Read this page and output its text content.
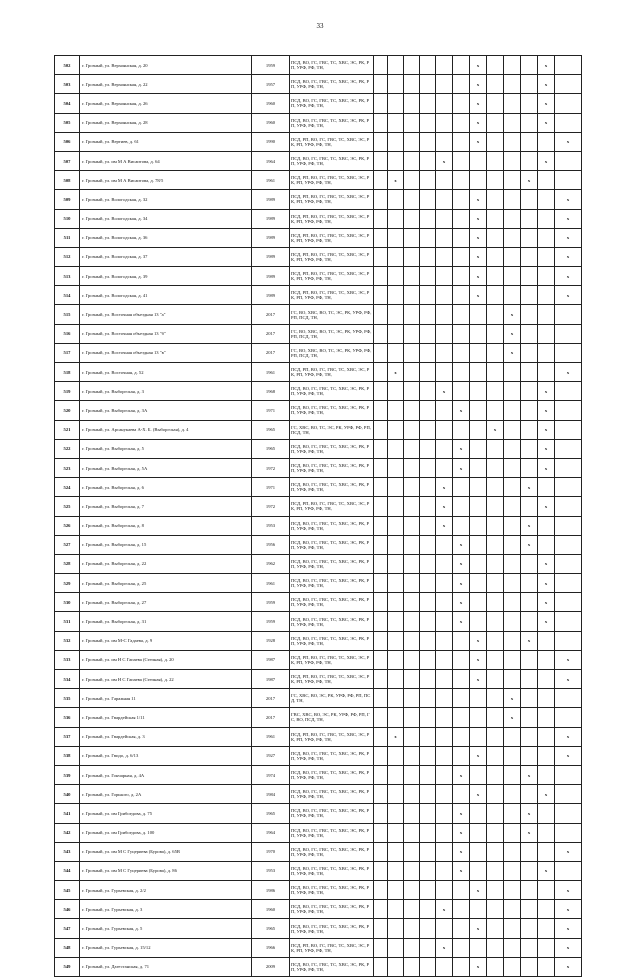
33
502	г. Грозный, ул. Верхоянская, д. 20	1959	ПСД, ВО, ГС, ГВС, ТС, ХВС, ЭС, РК, РП, УРФ, РФ, ТН,							x				x	
503	г. Грозный, ул. Верхоянская, д. 22	1957	ПСД, ВО, ГС, ГВС, ТС, ХВС, ЭС, РК, РП, УРФ, РФ, ТН,							x				x	
504	г. Грозный, ул. Верхоянская, д. 26	1960	ПСД, ВО, ГС, ГВС, ТС, ХВС, ЭС, РК, РП, УРФ, РФ, ТН,							x				x	
505	г. Грозный, ул. Верхоянская, д. 28	1960	ПСД, ВО, ГС, ГВС, ТС, ХВС, ЭС, РК, РП, УРФ, РФ, ТН,							x				x	
506	г. Грозный, ул. Вертиев, д. 61	1990	ПСД, РП, ВО, ГС, ГВС, ТС, ХВС, ЭС, РК, РП, УРФ, РФ, ТН,							x					x
507	г. Грозный, ул. им М А Висаитова, д. 64	1964	ПСД, ВО, ГС, ГВС, ТС, ХВС, ЭС, РК, РП, УРФ, РФ, ТН,					x						x	
508	г. Грозный, ул. им М А Висаитова, д. 78/5	1961	ПСД, РП, ВО, ГС, ГВС, ТС, ХВС, ЭС, РК, РП, УРФ, РФ, ТН,		x								x		
509	г. Грозный, ул. Вологодская, д. 32	1989	ПСД, РП, ВО, ГС, ГВС, ТС, ХВС, ЭС, РК, РП, УРФ, РФ, ТН,							x					x
510	г. Грозный, ул. Вологодская, д. 34	1989	ПСД, РП, ВО, ГС, ГВС, ТС, ХВС, ЭС, РК, РП, УРФ, РФ, ТН,							x					x
511	г. Грозный, ул. Вологодская, д. 36	1989	ПСД, РП, ВО, ГС, ГВС, ТС, ХВС, ЭС, РК, РП, УРФ, РФ, ТН,							x					x
512	г. Грозный, ул. Вологодская, д. 37	1989	ПСД, РП, ВО, ГС, ГВС, ТС, ХВС, ЭС, РК, РП, УРФ, РФ, ТН,							x					x
513	г. Грозный, ул. Вологодская, д. 39	1989	ПСД, РП, ВО, ГС, ГВС, ТС, ХВС, ЭС, РК, РП, УРФ, РФ, ТН,							x					x
514	г. Грозный, ул. Вологодская, д. 41	1989	ПСД, РП, ВО, ГС, ГВС, ТС, ХВС, ЭС, РК, РП, УРФ, РФ, ТН,							x					x
515	г. Грозный, ул. Восточная объездная 13 "а"	2017	ГС, ВО, ХВС, ВО, ТС, ЭС, РК, УРФ, РФ, РП, ПСД, ТН,									x			
516	г. Грозный, ул. Восточная объездная 13 "б"	2017	ГС, ВО, ХВС, ВО, ТС, ЭС, РК, УРФ, РФ, РП, ПСД, ТН,									x			
517	г. Грозный, ул. Восточная объездная 13 "в"	2017	ГС, ВО, ХВС, ВО, ТС, ЭС, РК, УРФ, РФ, РП, ПСД, ТН,									x			
518	г. Грозный, ул. Восточная, д. 52	1961	ПСД, РП, ВО, ГС, ГВС, ТС, ХВС, ЭС, РК, РП, УРФ, РФ, ТН,		x										x
519	г. Грозный, ул. Выборгская, д. 3	1968	ПСД, ВО, ГС, ГВС, ТС, ХВС, ЭС, РК, РП, УРФ, РФ, ТН,					x						x	
520	г. Грозный, ул. Выборгская, д. 3А	1971	ПСД, ВО, ГС, ГВС, ТС, ХВС, ЭС, РК, РП, УРФ, РФ, ТН,						x					x	
521	г. Грозный, ул. Арсанукаева А-Х. Б. (Выборгская), д. 4	1965	ГС, ХВС, ВО, ТС, ЭС, РК, УРФ, РФ, РП, ПСД, ТН,								x			x	
522	г. Грозный, ул. Выборгская, д. 5	1965	ПСД, ВО, ГС, ГВС, ТС, ХВС, ЭС, РК, РП, УРФ, РФ, ТН,						x					x	
523	г. Грозный, ул. Выборгская, д. 5А	1972	ПСД, ВО, ГС, ГВС, ТС, ХВС, ЭС, РК, РП, УРФ, РФ, ТН,						x					x	
524	г. Грозный, ул. Выборгская, д. 6	1971	ПСД, ВО, ГС, ГВС, ТС, ХВС, ЭС, РК, РП, УРФ, РФ, ТН,					x					x		
525	г. Грозный, ул. Выборгская, д. 7	1972	ПСД, РП, ВО, ГС, ГВС, ТС, ХВС, ЭС, РК, РП, УРФ, РФ, ТН,					x						x	
526	г. Грозный, ул. Выборгская, д. 8	1953	ПСД, ВО, ГС, ГВС, ТС, ХВС, ЭС, РК, РП, УРФ, РФ, ТН,					x					x		
527	г. Грозный, ул. Выборгская, д. 15	1956	ПСД, ВО, ГС, ГВС, ТС, ХВС, ЭС, РК, РП, УРФ, РФ, ТН,						x				x		
528	г. Грозный, ул. Выборгская, д. 22	1962	ПСД, ВО, ГС, ГВС, ТС, ХВС, ЭС, РК, РП, УРФ, РФ, ТН,						x					x	
529	г. Грозный, ул. Выборгская, д. 25	1961	ПСД, ВО, ГС, ГВС, ТС, ХВС, ЭС, РК, РП, УРФ, РФ, ТН,						x					x	
530	г. Грозный, ул. Выборгская, д. 27	1959	ПСД, ВО, ГС, ГВС, ТС, ХВС, ЭС, РК, РП, УРФ, РФ, ТН,						x					x	
531	г. Грозный, ул. Выборгская, д. 31	1959	ПСД, ВО, ГС, ГВС, ТС, ХВС, ЭС, РК, РП, УРФ, РФ, ТН,						x					x	
532	г. Грозный, ул. им М-С Гадаева, д. 9	1928	ПСД, ВО, ГС, ГВС, ТС, ХВС, ЭС, РК, РП, УРФ, РФ, ТН,							x			x		
533	г. Грозный, ул. им Н С Гапаева (Степная), д. 20	1987	ПСД, РП, ВО, ГС, ГВС, ТС, ХВС, ЭС, РК, РП, УРФ, РФ, ТН,							x					x
534	г. Грозный, ул. им Н С Гапаева (Степная), д. 22	1987	ПСД, РП, ВО, ГС, ГВС, ТС, ХВС, ЭС, РК, РП, УРФ, РФ, ТН,							x					x
535	г. Грозный, ул. Гаражная 11	2017	ГС, ХВС, ВО, ЭС, РК, УРФ, РФ, РП, ПСД, ТН,									x			
536	г. Грозный, ул. Гвардейская 1/11	2017	ГВС, ХВС, ВО, ЭС, РК, УРФ, РФ, РП, ГС, ВО, ПСД, ТН,									x			
537	г. Грозный, ул. Гвардейская, д. 3	1961	ПСД, РП, ВО, ГС, ГВС, ТС, ХВС, ЭС, РК, РП, УРФ, РФ, ТН,		x										x
538	г. Грозный, ул. Гвидо, д. 6/13	1927	ПСД, ВО, ГС, ГВС, ТС, ХВС, ЭС, РК, РП, УРФ, РФ, ТН,							x					x
539	г. Грозный, ул. Гончарная, д. 4А	1974	ПСД, ВО, ГС, ГВС, ТС, ХВС, ЭС, РК, РП, УРФ, РФ, ТН,						x				x		
540	г. Грозный, ул. Горького, д. 2А	1984	ПСД, ВО, ГС, ГВС, ТС, ХВС, ЭС, РК, РП, УРФ, РФ, ТН,							x				x	
541	г. Грозный, ул. им Грибоедова, д. 75	1965	ПСД, ВО, ГС, ГВС, ТС, ХВС, ЭС, РК, РП, УРФ, РФ, ТН,						x				x		
542	г. Грозный, ул. им Грибоедова, д. 100	1964	ПСД, ВО, ГС, ГВС, ТС, ХВС, ЭС, РК, РП, УРФ, РФ, ТН,						x				x		
543	г. Грозный, ул. им М С Гуцериева (Бурова), д. 65В	1970	ПСД, ВО, ГС, ГВС, ТС, ХВС, ЭС, РК, РП, УРФ, РФ, ТН,						x						x
544	г. Грозный, ул. им М С Гуцериева (Бурова), д. 86	1953	ПСД, ВО, ГС, ГВС, ТС, ХВС, ЭС, РК, РП, УРФ, РФ, ТН,						x					x	
545	г. Грозный, ул. Гурьевская, д. 2/2	1986	ПСД, ВО, ГС, ГВС, ТС, ХВС, ЭС, РК, РП, УРФ, РФ, ТН,							x					x
546	г. Грозный, ул. Гурьевская, д. 3	1960	ПСД, ВО, ГС, ГВС, ТС, ХВС, ЭС, РК, РП, УРФ, РФ, ТН,					x							x
547	г. Грозный, ул. Гурьевская, д. 5	1965	ПСД, ВО, ГС, ГВС, ТС, ХВС, ЭС, РК, РП, УРФ, РФ, ТН,							x					x
548	г. Грозный, ул. Гурьевская, д. 15/12	1966	ПСД, РП, ВО, ГС, ГВС, ТС, ХВС, ЭС, РК, РП, УРФ, РФ, ТН,					x							x
549	г. Грозный, ул. Дагестанская, д. 71	2009	ПСД, ВО, ГС, ГВС, ТС, ХВС, ЭС, РК, РП, УРФ, РФ, ТН,							x					x
